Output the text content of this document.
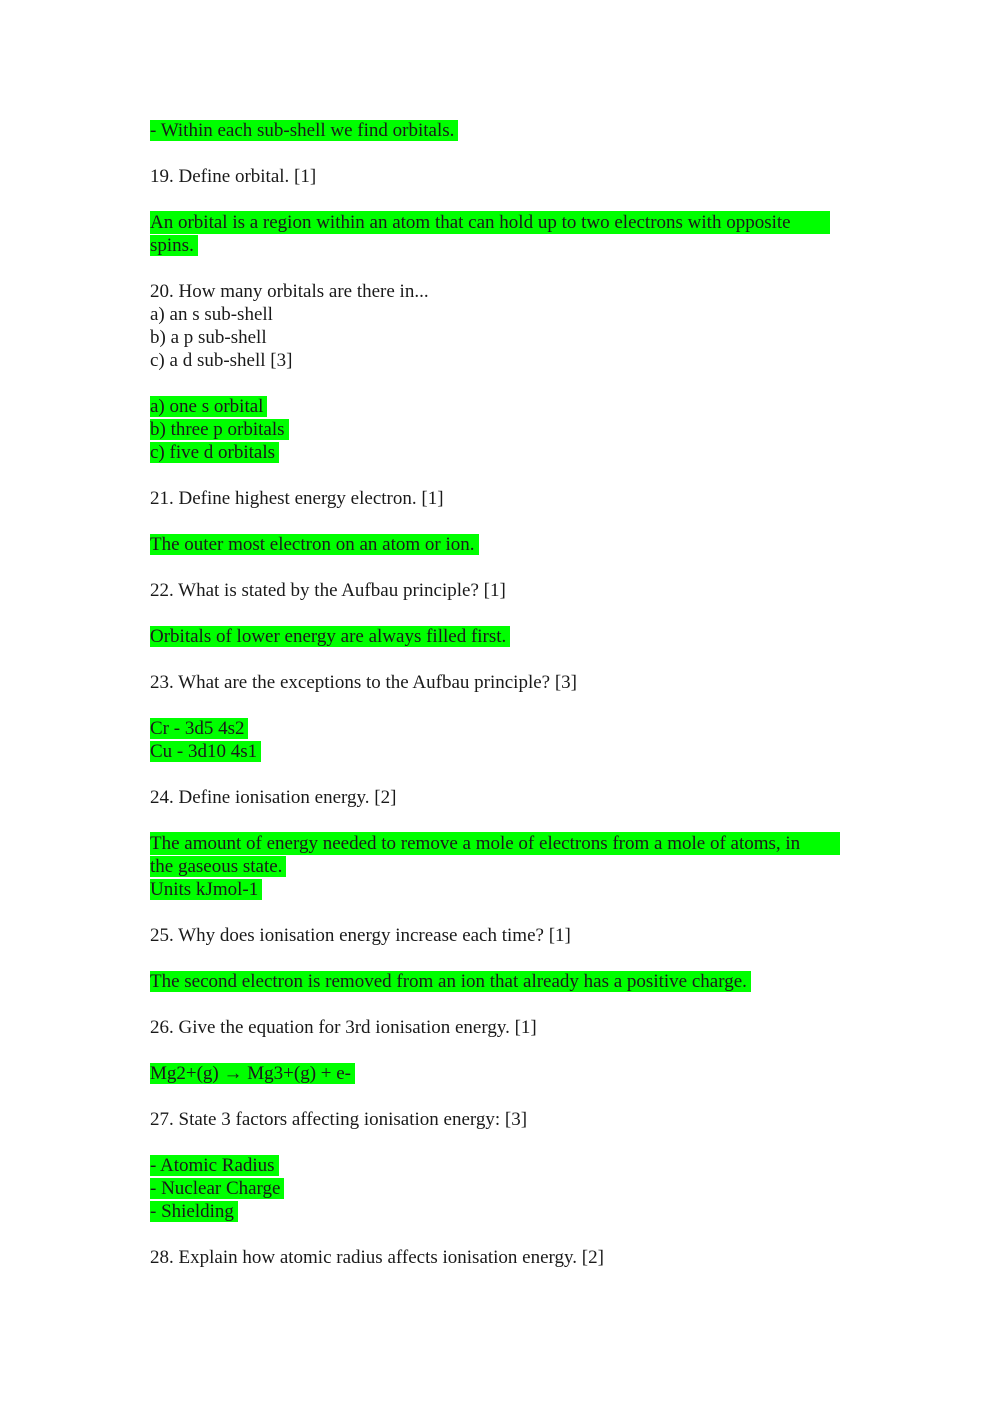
- Within each sub-shell we find orbitals.
19. Define orbital. [1]
An orbital is a region within an atom that can hold up to two electrons with opposite
spins.
20. How many orbitals are there in...
a) an s sub-shell
b) a p sub-shell
c) a d sub-shell [3]
a) one s orbital
b) three p orbitals
c) five d orbitals
21. Define highest energy electron. [1]
The outer most electron on an atom or ion.
22. What is stated by the Aufbau principle? [1]
Orbitals of lower energy are always filled first.
23. What are the exceptions to the Aufbau principle? [3]
Cr - 3d5 4s2
Cu - 3d10 4s1
24. Define ionisation energy. [2]
The amount of energy needed to remove a mole of electrons from a mole of atoms, in
the gaseous state.
Units kJmol-1
25. Why does ionisation energy increase each time? [1]
The second electron is removed from an ion that already has a positive charge.
26. Give the equation for 3rd ionisation energy. [1]
Mg2+(g) → Mg3+(g) + e-
27. State 3 factors affecting ionisation energy: [3]
- Atomic Radius
- Nuclear Charge
- Shielding
28. Explain how atomic radius affects ionisation energy. [2]
